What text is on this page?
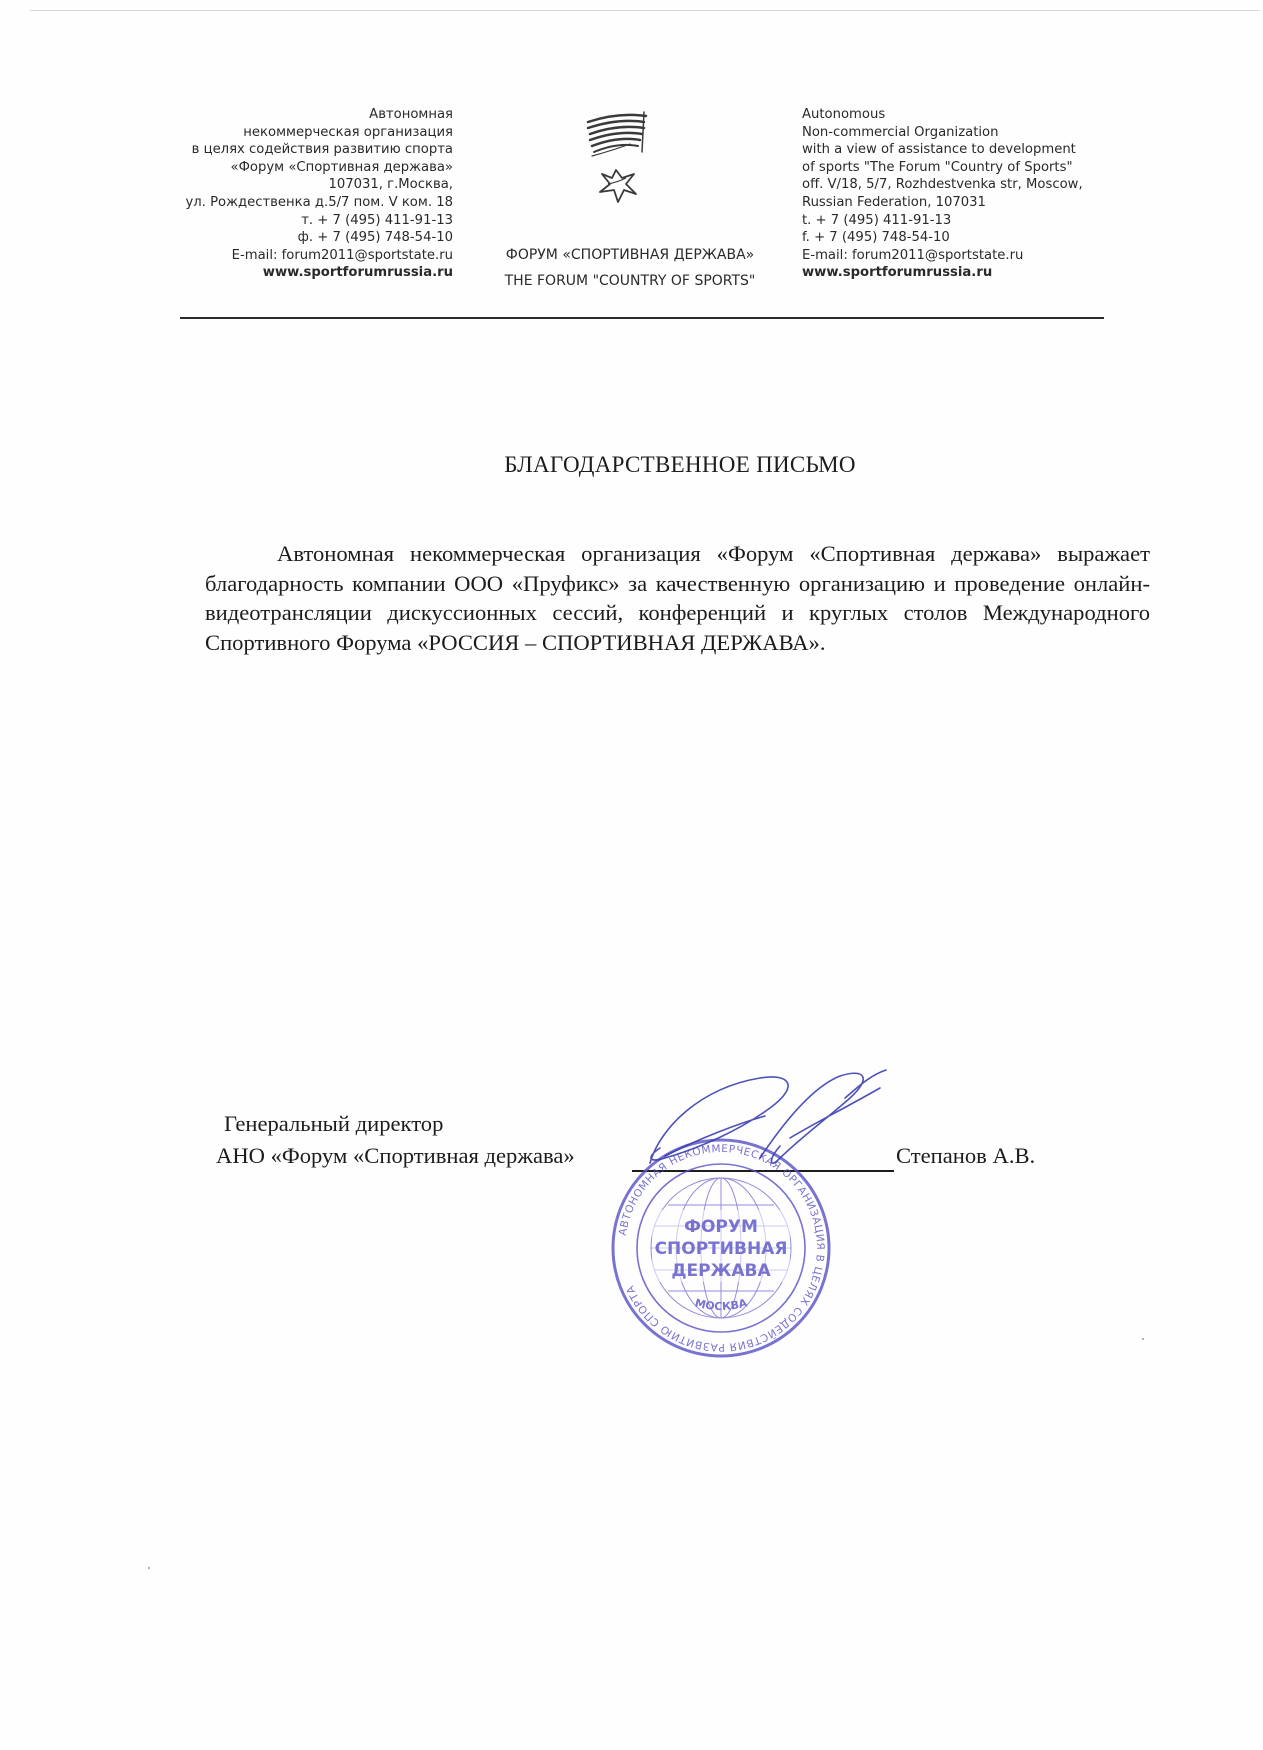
Автономная
некоммерческая организация
в целях содействия развитию спорта
«Форум «Спортивная держава»
107031, г.Москва,
ул. Рождественка д.5/7 пом. V ком. 18
т. + 7 (495) 411-91-13
ф. + 7 (495) 748-54-10
E-mail: forum2011@sportstate.ru
www.sportforumrussia.ru
ФОРУМ «СПОРТИВНАЯ ДЕРЖАВА»
THE FORUM "COUNTRY OF SPORTS"
Autonomous
Non-commercial Organization
with a view of assistance to development
of sports "The Forum "Country of Sports"
off. V/18, 5/7, Rozhdestvenka str, Moscow,
Russian Federation, 107031
t. + 7 (495) 411-91-13
f. + 7 (495) 748-54-10
E-mail: forum2011@sportstate.ru
www.sportforumrussia.ru
БЛАГОДАРСТВЕННОЕ ПИСЬМО

Автономная некоммерческая организация «Форум «Спортивная держава» выражает благодарность компании ООО «Пруфикс» за качественную организацию и проведение онлайн-видеотрансляции дискуссионных сессий, конференций и круглых столов Международного Спортивного Форума «РОССИЯ – СПОРТИВНАЯ ДЕРЖАВА».

Генеральный директор
АНО «Форум «Спортивная держава»	Степанов А.В.
АВТОНОМНАЯ НЕКОММЕРЧЕСКАЯ ОРГАНИЗАЦИЯ В ЦЕЛЯХ СОДЕЙСТВИЯ РАЗВИТИЮ СПОРТА
МОСКВА
ФОРУМ
СПОРТИВНАЯ
ДЕРЖАВА
